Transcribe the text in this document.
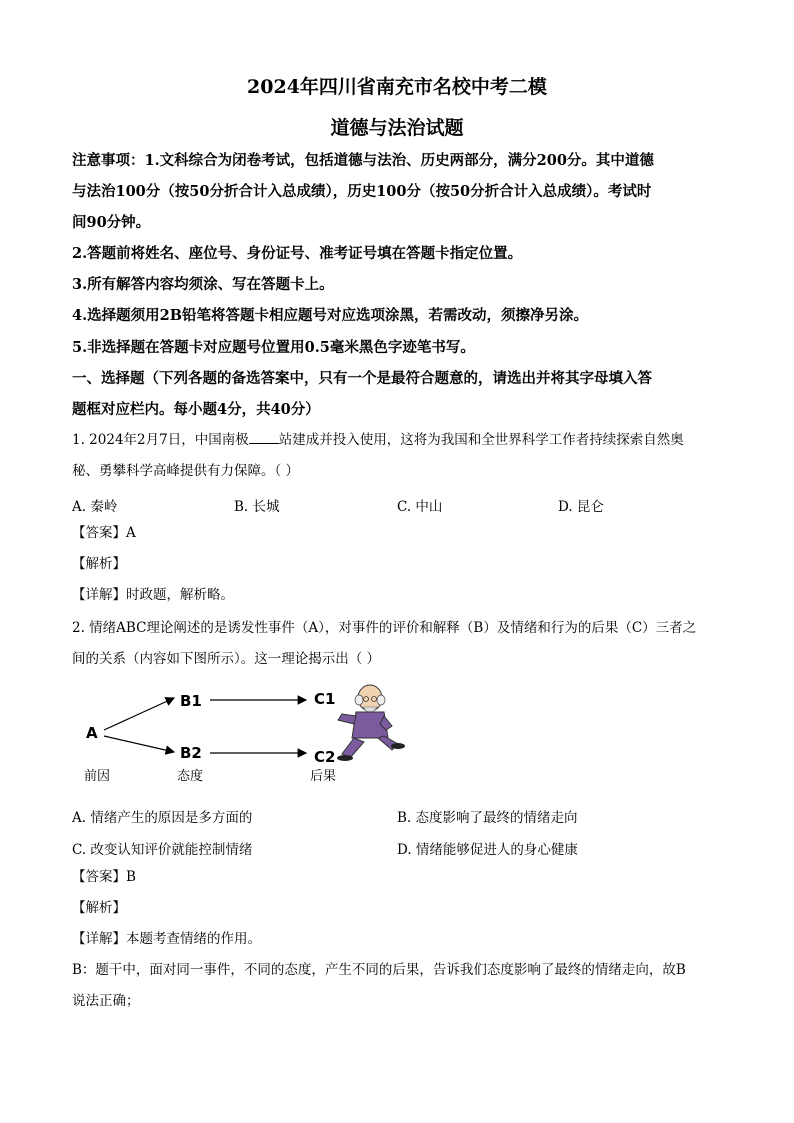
2024年四川省南充市名校中考二模
道德与法治试题
注意事项：1.文科综合为闭卷考试，包括道德与法治、历史两部分，满分200分。其中道德
与法治100分（按50分折合计入总成绩），历史100分（按50分折合计入总成绩）。考试时
间90分钟。
2.答题前将姓名、座位号、身份证号、准考证号填在答题卡指定位置。
3.所有解答内容均须涂、写在答题卡上。
4.选择题须用2B铅笔将答题卡相应题号对应选项涂黑，若需改动，须擦净另涂。
5.非选择题在答题卡对应题号位置用0.5毫米黑色字迹笔书写。
一、选择题（下列各题的备选答案中，只有一个是最符合题意的，请选出并将其字母填入答
题框对应栏内。每小题4分，共40分）
1. 2024年2月7日，中国南极 站建成并投入使用，这将为我国和全世界科学工作者持续探索自然奥
秘、勇攀科学高峰提供有力保障。（ ）
A. 秦岭	B. 长城	C. 中山	D. 昆仑
【答案】A
【解析】
【详解】时政题，解析略。
2. 情绪ABC理论阐述的是诱发性事件（A），对事件的评价和解释（B）及情绪和行为的后果（C）三者之
间的关系（内容如下图所示）。这一理论揭示出（ ）
A
B1
B2
C1
C2
前因	态度	后果
A. 情绪产生的原因是多方面的	B. 态度影响了最终的情绪走向
C. 改变认知评价就能控制情绪	D. 情绪能够促进人的身心健康
【答案】B
【解析】
【详解】本题考查情绪的作用。
B：题干中，面对同一事件，不同的态度，产生不同的后果，告诉我们态度影响了最终的情绪走向，故B
说法正确；
